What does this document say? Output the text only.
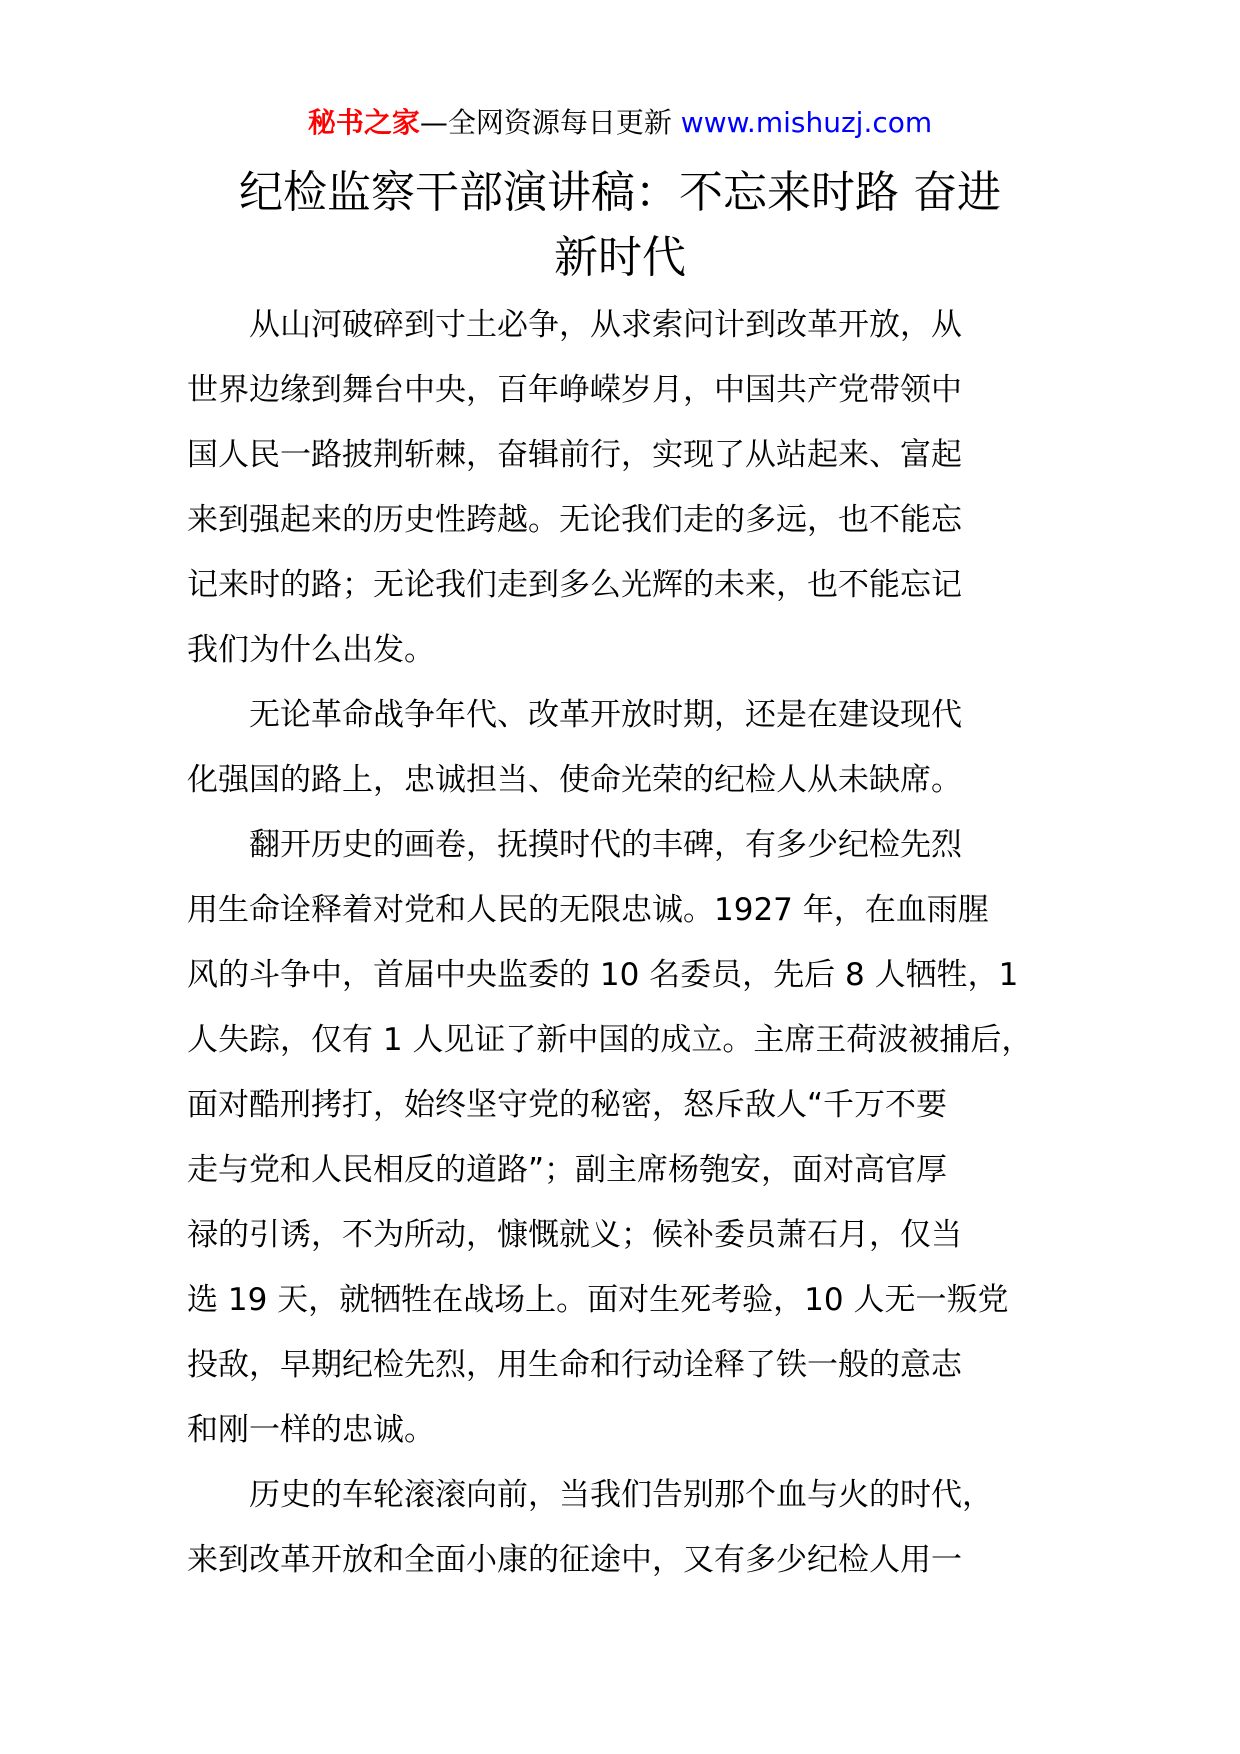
秘书之家—全网资源每日更新 www.mishuzj.com
纪检监察干部演讲稿：不忘来时路 奋进
新时代

从山河破碎到寸土必争，从求索问计到改革开放，从
世界边缘到舞台中央，百年峥嵘岁月，中国共产党带领中
国人民一路披荆斩棘，奋辑前行，实现了从站起来、富起
来到强起来的历史性跨越。无论我们走的多远，也不能忘
记来时的路；无论我们走到多么光辉的未来，也不能忘记
我们为什么出发。

无论革命战争年代、改革开放时期，还是在建设现代
化强国的路上，忠诚担当、使命光荣的纪检人从未缺席。

翻开历史的画卷，抚摸时代的丰碑，有多少纪检先烈
用生命诠释着对党和人民的无限忠诚。1927 年，在血雨腥
风的斗争中，首届中央监委的 10 名委员，先后 8 人牺牲，1
人失踪，仅有 1 人见证了新中国的成立。主席王荷波被捕后，
面对酷刑拷打，始终坚守党的秘密，怒斥敌人“千万不要
走与党和人民相反的道路”；副主席杨匏安，面对高官厚
禄的引诱，不为所动，慷慨就义；候补委员萧石月，仅当
选 19 天，就牺牲在战场上。面对生死考验，10 人无一叛党
投敌，早期纪检先烈，用生命和行动诠释了铁一般的意志
和刚一样的忠诚。

历史的车轮滚滚向前，当我们告别那个血与火的时代，
来到改革开放和全面小康的征途中，又有多少纪检人用一
